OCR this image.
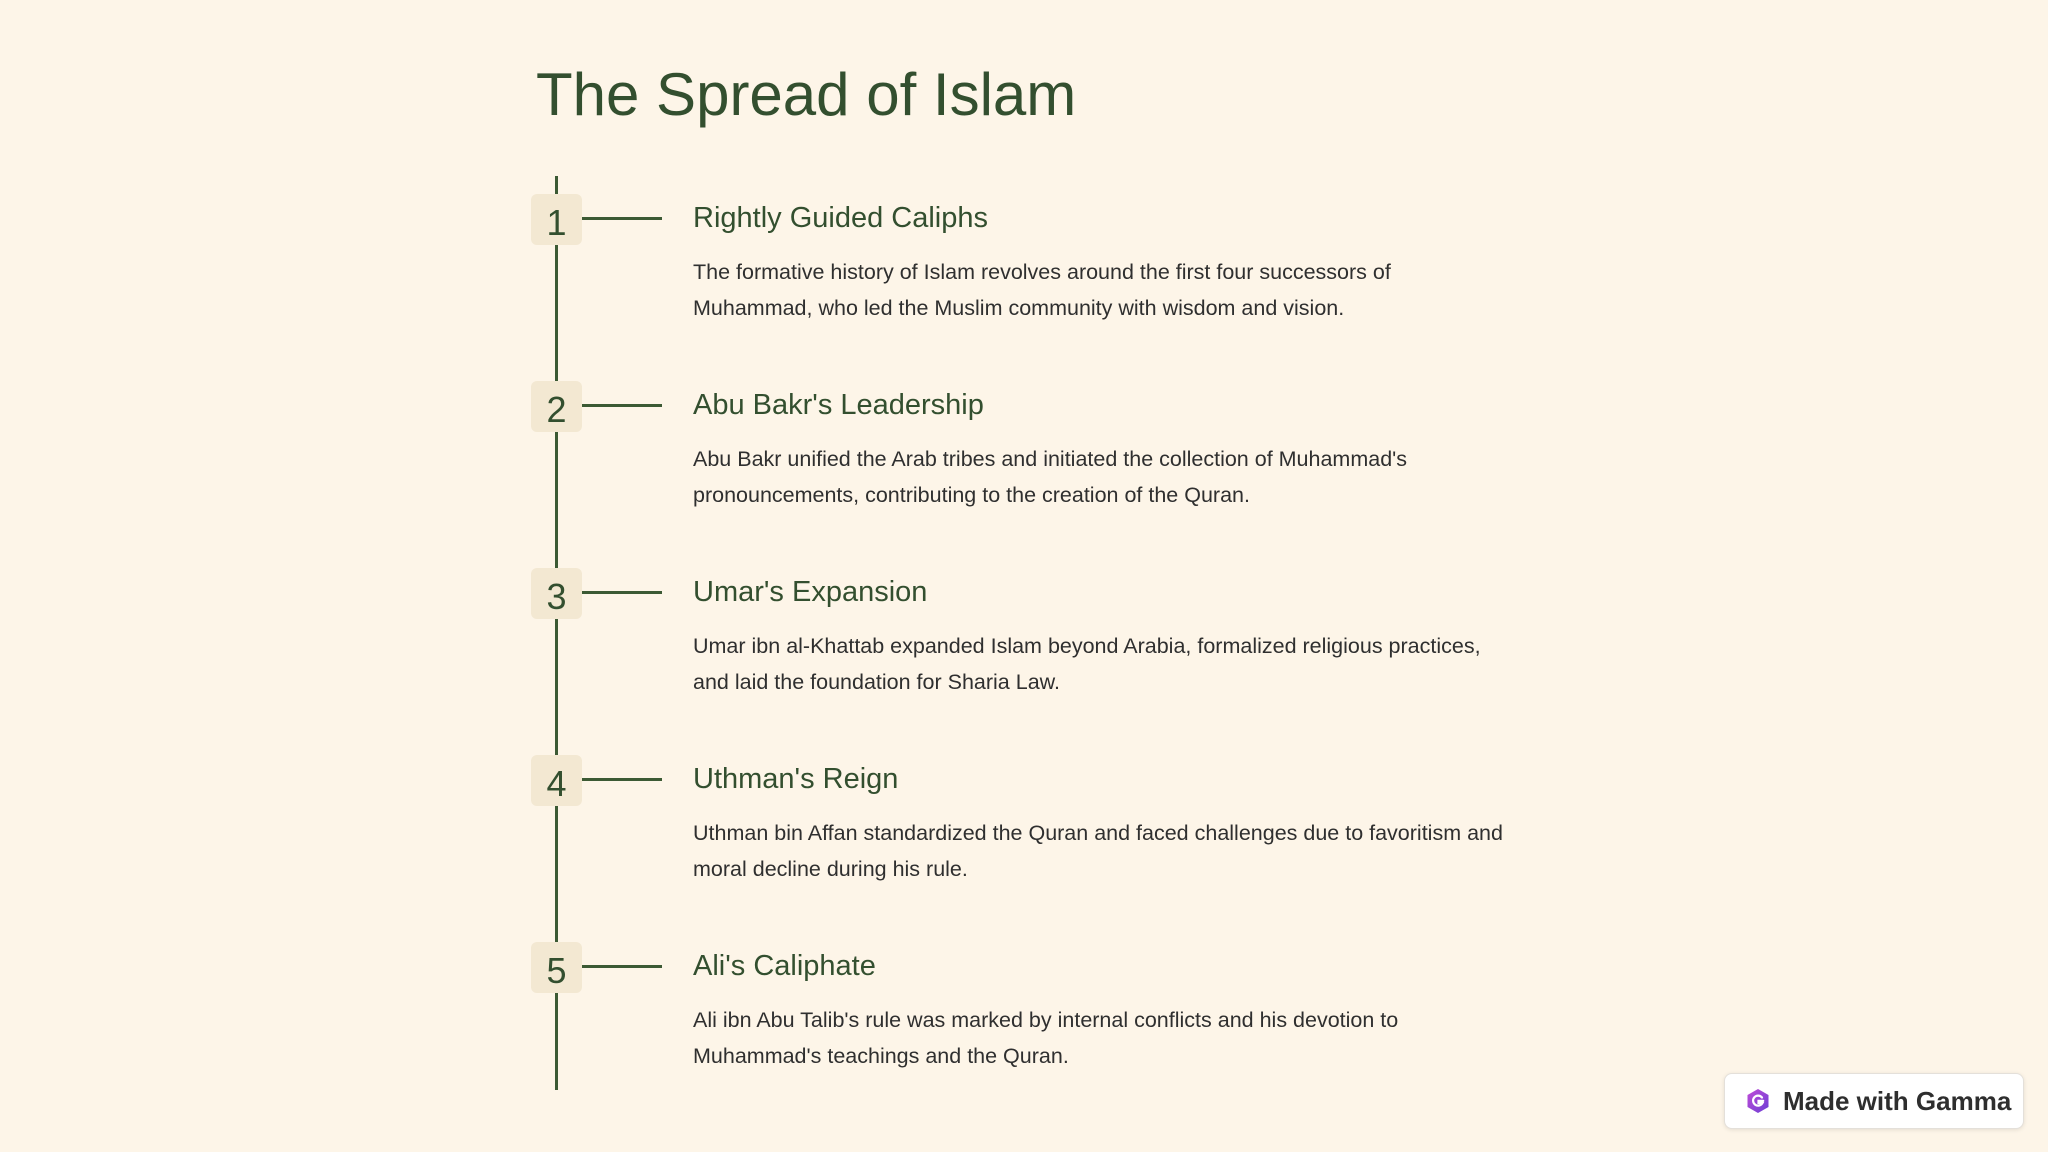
The Spread of Islam
1	Rightly Guided Caliphs

The formative history of Islam revolves around the first four successors of Muhammad, who led the Muslim community with wisdom and vision.

2	Abu Bakr's Leadership

Abu Bakr unified the Arab tribes and initiated the collection of Muhammad's pronouncements, contributing to the creation of the Quran.

3	Umar's Expansion

Umar ibn al-Khattab expanded Islam beyond Arabia, formalized religious practices, and laid the foundation for Sharia Law.

4	Uthman's Reign

Uthman bin Affan standardized the Quran and faced challenges due to favoritism and moral decline during his rule.

5	Ali's Caliphate

Ali ibn Abu Talib's rule was marked by internal conflicts and his devotion to Muhammad's teachings and the Quran.

Made with Gamma
